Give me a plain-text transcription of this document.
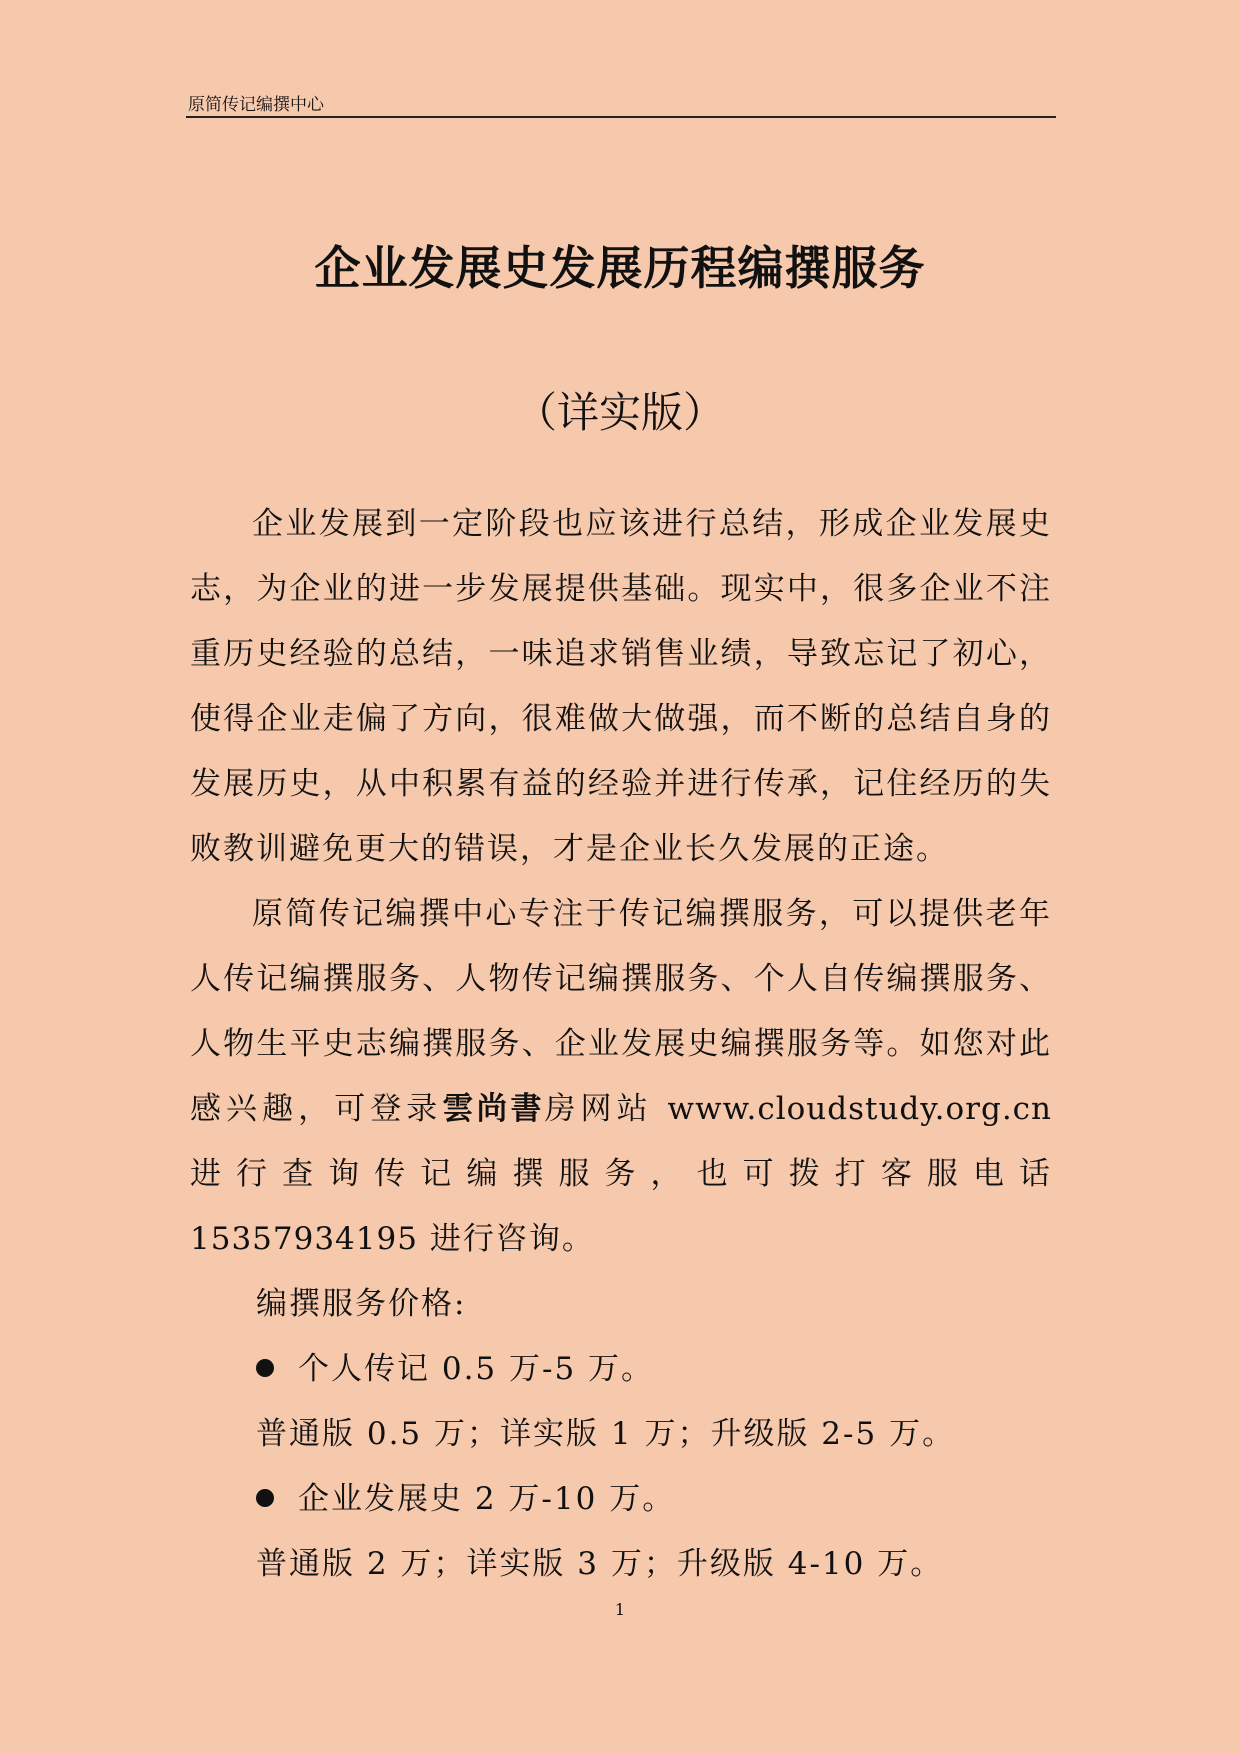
原简传记编撰中心
企业发展史发展历程编撰服务
（详实版）

企业发展到一定阶段也应该进行总结，形成企业发展史志，为企业的进一步发展提供基础。现实中，很多企业不注重历史经验的总结，一味追求销售业绩，导致忘记了初心，使得企业走偏了方向，很难做大做强，而不断的总结自身的发展历史，从中积累有益的经验并进行传承，记住经历的失败教训避免更大的错误，才是企业长久发展的正途。

原简传记编撰中心专注于传记编撰服务，可以提供老年人传记编撰服务、人物传记编撰服务、个人自传编撰服务、人物生平史志编撰服务、企业发展史编撰服务等。如您对此感兴趣，可登录雲尚書房网站 www.cloudstudy.org.cn 进行查询传记编撰服务，也可拨打客服电话 15357934195 进行咨询。

编撰服务价格:
个人传记 0.5 万-5 万。
普通版 0.5 万；详实版 1 万；升级版 2-5 万。
企业发展史 2 万-10 万。
普通版 2 万；详实版 3 万；升级版 4-10 万。
1
